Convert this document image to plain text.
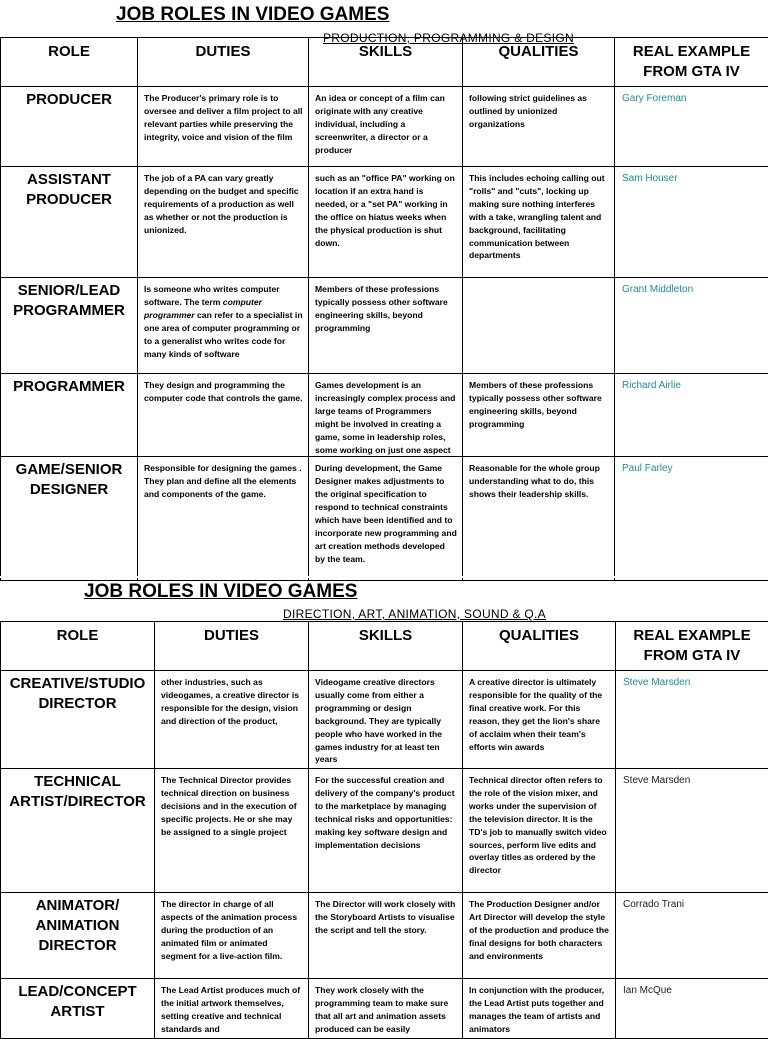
JOB ROLES IN VIDEO GAMES
PRODUCTION, PROGRAMMING & DESIGN
ROLE	DUTIES	SKILLS	QUALITIES	REAL EXAMPLE FROM GTA IV
PRODUCER	The Producer's primary role is to oversee and deliver a film project to all relevant parties while preserving the integrity, voice and vision of the film	An idea or concept of a film can originate with any creative individual, including a screenwriter, a director or a producer	following strict guidelines as outlined by unionized organizations	Gary Foreman
ASSISTANT PRODUCER	The job of a PA can vary greatly depending on the budget and specific requirements of a production as well as whether or not the production is unionized.	such as an "office PA" working on location if an extra hand is needed, or a "set PA" working in the office on hiatus weeks when the physical production is shut down.	This includes echoing calling out "rolls" and "cuts", locking up making sure nothing interferes with a take, wrangling talent and background, facilitating communication between departments	Sam Houser
SENIOR/LEAD PROGRAMMER	Is someone who writes computer software. The term computer programmer can refer to a specialist in one area of computer programming or to a generalist who writes code for many kinds of software	Members of these professions typically possess other software engineering skills, beyond programming		Grant Middleton
PROGRAMMER	They design and programming the computer code that controls the game.	Games development is an increasingly complex process and large teams of Programmers might be involved in creating a game, some in leadership roles, some working on just one aspect	Members of these professions typically possess other software engineering skills, beyond programming	Richard Airlie
GAME/SENIOR DESIGNER	Responsible for designing the games . They plan and define all the elements and components of the game.	During development, the Game Designer makes adjustments to the original specification to respond to technical constraints which have been identified and to incorporate new programming and art creation methods developed by the team.	Reasonable for the whole group understanding what to do, this shows their leadership skills.	Paul Farley
JOB ROLES IN VIDEO GAMES
DIRECTION, ART, ANIMATION, SOUND & Q.A
ROLE	DUTIES	SKILLS	QUALITIES	REAL EXAMPLE FROM GTA IV
CREATIVE/STUDIO DIRECTOR	other industries, such as videogames, a creative director is responsible for the design, vision and direction of the product,	Videogame creative directors usually come from either a programming or design background. They are typically people who have worked in the games industry for at least ten years	A creative director is ultimately responsible for the quality of the final creative work. For this reason, they get the lion's share of acclaim when their team's efforts win awards	Steve Marsden
TECHNICAL ARTIST/DIRECTOR	The Technical Director provides technical direction on business decisions and in the execution of specific projects. He or she may be assigned to a single project	For the successful creation and delivery of the company's product to the marketplace by managing technical risks and opportunities: making key software design and implementation decisions	Technical director often refers to the role of the vision mixer, and works under the supervision of the television director. It is the TD's job to manually switch video sources, perform live edits and overlay titles as ordered by the director	Steve Marsden
ANIMATOR/ ANIMATION DIRECTOR	The director in charge of all aspects of the animation process during the production of an animated film or animated segment for a live-action film.	The Director will work closely with the Storyboard Artists to visualise the script and tell the story.	The Production Designer and/or Art Director will develop the style of the production and produce the final designs for both characters and environments	Corrado Trani
LEAD/CONCEPT ARTIST	The Lead Artist produces much of the initial artwork themselves, setting creative and technical standards and	They work closely with the programming team to make sure that all art and animation assets produced can be easily	In conjunction with the producer, the Lead Artist puts together and manages the team of artists and animators	Ian McQue
